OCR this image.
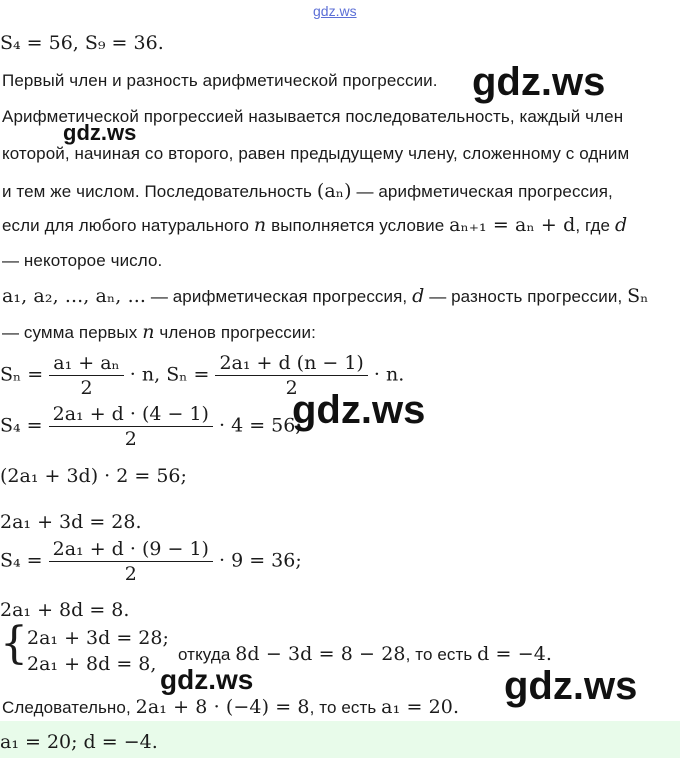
gdz.ws
S₄ = 56, S₉ = 36.
Первый член и разность арифметической прогрессии.
Арифметической прогрессией называется последовательность, каждый член
которой, начиная со второго, равен предыдущему члену, сложенному с одним
и тем же числом. Последовательность (aₙ) — арифметическая прогрессия,
если для любого натурального n выполняется условие aₙ₊₁ = aₙ + d, где d
— некоторое число.
a₁, a₂, ..., aₙ, ... — арифметическая прогрессия, d — разность прогрессии, Sₙ
— сумма первых n членов прогрессии:
$S_n = \frac{\text{a₁ + aₙ}}{2} \cdot n$, $S_n = \frac{\text{2a₁ + d (n − 1)}}{2} \cdot n$.
$S_4 = \frac{\text{2a₁ + d · (4 − 1)}}{2} \cdot 4 = 56$;
(2a₁ + 3d) · 2 = 56;
2a₁ + 3d = 28.
$S_4 = \frac{\text{2a₁ + d · (9 − 1)}}{2} \cdot 9 = 36$;
2a₁ + 8d = 8.
{ 2a₁ + 3d = 28;
2a₁ + 8d = 8, откуда 8d − 3d = 8 − 28, то есть d = −4.
Следовательно, 2a₁ + 8 · (−4) = 8, то есть a₁ = 20.
a₁ = 20; d = −4.
gdz.ws
gdz.ws
gdz.ws
gdz.ws	gdz.ws
